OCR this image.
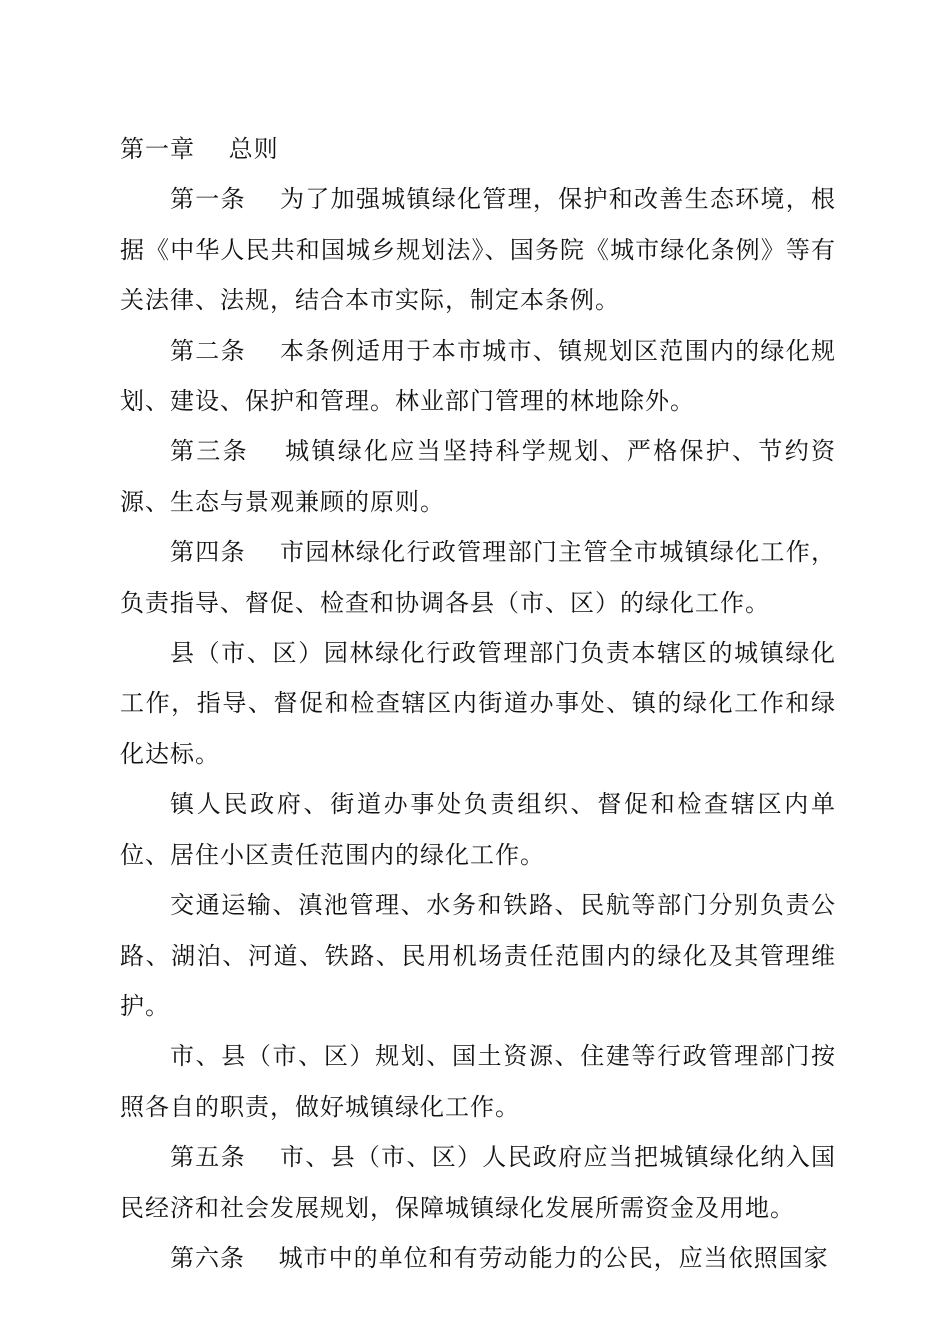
第一章　 总则

第一条　 为了加强城镇绿化管理，保护和改善生态环境，根据《中华人民共和国城乡规划法》、国务院《城市绿化条例》等有关法律、法规，结合本市实际，制定本条例。

第二条　 本条例适用于本市城市、镇规划区范围内的绿化规划、建设、保护和管理。林业部门管理的林地除外。

第三条　 城镇绿化应当坚持科学规划、严格保护、节约资源、生态与景观兼顾的原则。

第四条　 市园林绿化行政管理部门主管全市城镇绿化工作，负责指导、督促、检查和协调各县（市、区）的绿化工作。

县（市、区）园林绿化行政管理部门负责本辖区的城镇绿化工作，指导、督促和检查辖区内街道办事处、镇的绿化工作和绿化达标。

镇人民政府、街道办事处负责组织、督促和检查辖区内单位、居住小区责任范围内的绿化工作。

交通运输、滇池管理、水务和铁路、民航等部门分别负责公路、湖泊、河道、铁路、民用机场责任范围内的绿化及其管理维护。

市、县（市、区）规划、国土资源、住建等行政管理部门按照各自的职责，做好城镇绿化工作。

第五条　 市、县（市、区）人民政府应当把城镇绿化纳入国民经济和社会发展规划，保障城镇绿化发展所需资金及用地。

第六条　 城市中的单位和有劳动能力的公民，应当依照国家
